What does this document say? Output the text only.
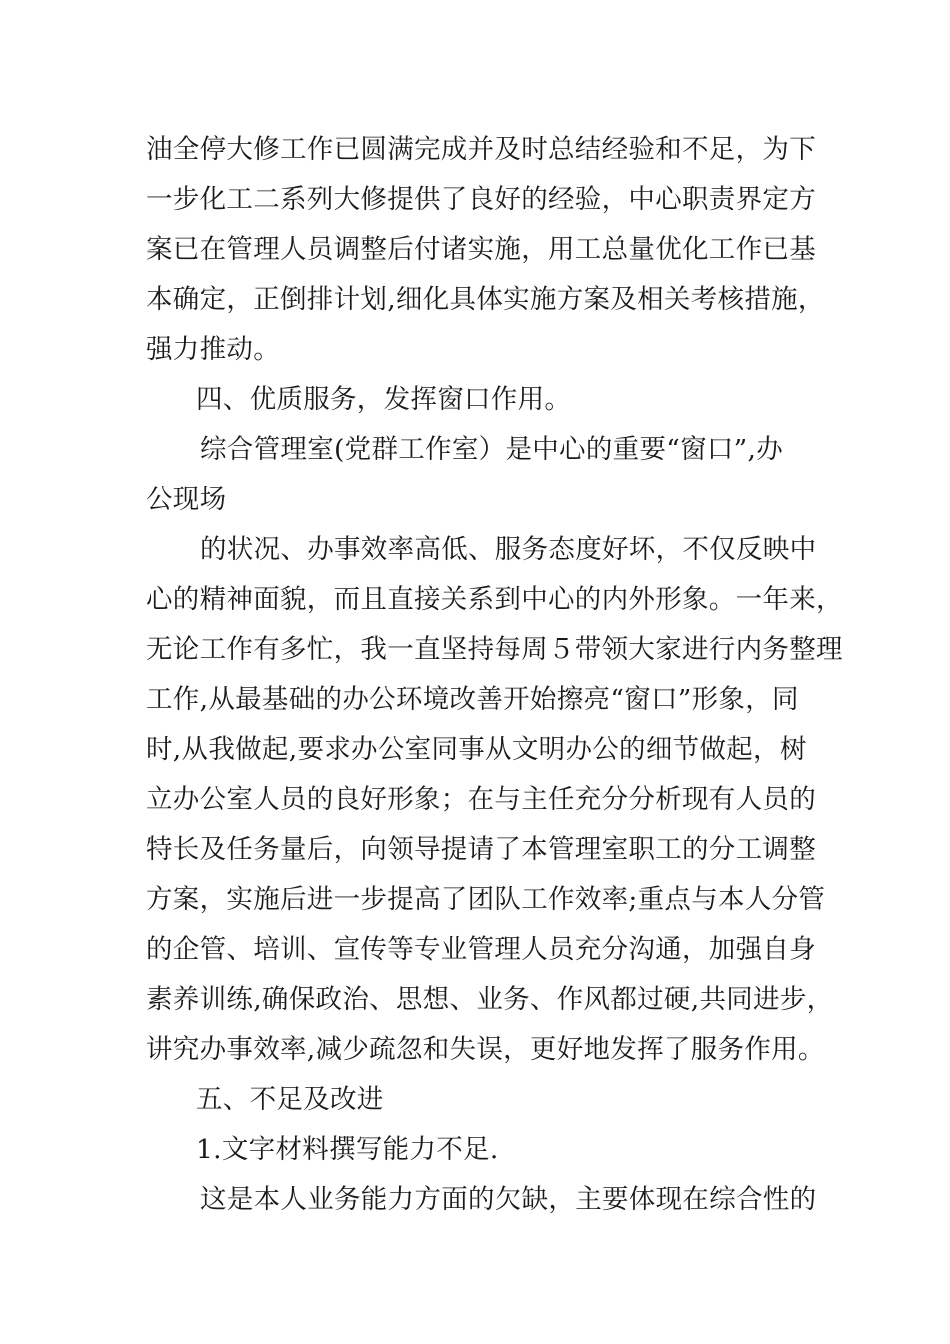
油全停大修工作已圆满完成并及时总结经验和不足，为下

一步化工二系列大修提供了良好的经验，中心职责界定方

案已在管理人员调整后付诸实施，用工总量优化工作已基

本确定，正倒排计划,细化具体实施方案及相关考核措施，

强力推动。

四、优质服务，发挥窗口作用。

综合管理室(党群工作室）是中心的重要“窗口”,办

公现场

的状况、办事效率高低、服务态度好坏，不仅反映中

心的精神面貌，而且直接关系到中心的内外形象。一年来，

无论工作有多忙，我一直坚持每周５带领大家进行内务整理

工作,从最基础的办公环境改善开始擦亮“窗口”形象，同

时,从我做起,要求办公室同事从文明办公的细节做起，树

立办公室人员的良好形象；在与主任充分分析现有人员的

特长及任务量后，向领导提请了本管理室职工的分工调整

方案，实施后进一步提高了团队工作效率;重点与本人分管

的企管、培训、宣传等专业管理人员充分沟通，加强自身

素养训练,确保政治、思想、业务、作风都过硬,共同进步，

讲究办事效率,减少疏忽和失误，更好地发挥了服务作用。

五、不足及改进

1.文字材料撰写能力不足.

这是本人业务能力方面的欠缺，主要体现在综合性的
